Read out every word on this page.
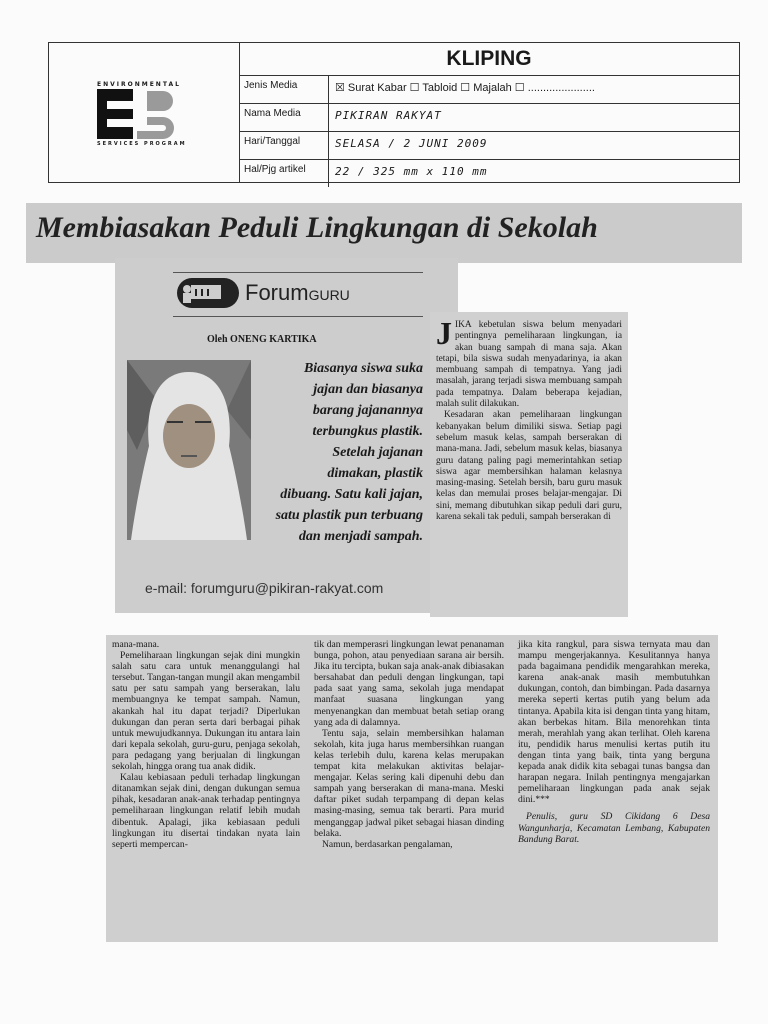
ENVIRONMENTAL
SERVICES PROGRAM
KLIPING
Jenis Media	☒ Surat Kabar ☐ Tabloid ☐ Majalah ☐ ......................
Nama Media	PIKIRAN RAKYAT
Hari/Tanggal	SELASA / 2 JUNI 2009
Hal/Pjg artikel	22 / 325 mm x 110 mm
Membiasakan Peduli Lingkungan di Sekolah
ForumGURU
Oleh ONENG KARTIKA
Biasanya siswa suka jajan dan biasanya barang jajanannya terbungkus plastik. Setelah jajanan dimakan, plastik dibuang. Satu kali jajan, satu plastik pun terbuang dan menjadi sampah.
e-mail: forumguru@pikiran-rakyat.com
J IKA kebetulan siswa belum menyadari pentingnya pemeliharaan lingkungan, ia akan buang sampah di mana saja. Akan tetapi, bila siswa sudah menyadarinya, ia akan membuang sampah di tempatnya. Yang jadi masalah, jarang terjadi siswa membuang sampah pada tempatnya. Dalam beberapa kejadian, malah sulit dilakukan.
Kesadaran akan pemeliharaan lingkungan kebanyakan belum dimiliki siswa. Setiap pagi sebelum masuk kelas, sampah berserakan di mana-mana. Jadi, sebelum masuk kelas, biasanya guru datang paling pagi memerintahkan setiap siswa agar membersihkan halaman kelasnya masing-masing. Setelah bersih, baru guru masuk kelas dan memulai proses belajar-mengajar. Di sini, memang dibutuhkan sikap peduli dari guru, karena sekali tak peduli, sampah berserakan di

mana-mana.

Pemeliharaan lingkungan sejak dini mungkin salah satu cara untuk menanggulangi hal tersebut. Tangan-tangan mungil akan mengambil satu per satu sampah yang berserakan, lalu membuangnya ke tempat sampah. Namun, akankah hal itu dapat terjadi? Diperlukan dukungan dan peran serta dari berbagai pihak untuk mewujudkannya. Dukungan itu antara lain dari kepala sekolah, guru-guru, penjaga sekolah, para pedagang yang berjualan di lingkungan sekolah, hingga orang tua anak didik.

Kalau kebiasaan peduli terhadap lingkungan ditanamkan sejak dini, dengan dukungan semua pihak, kesadaran anak-anak terhadap pentingnya pemeliharaan lingkungan relatif lebih mudah dibentuk. Apalagi, jika kebiasaan peduli lingkungan itu disertai tindakan nyata lain seperti mempercan-

tik dan memperasri lingkungan lewat penanaman bunga, pohon, atau penyediaan sarana air bersih. Jika itu tercipta, bukan saja anak-anak dibiasakan bersahabat dan peduli dengan lingkungan, tapi pada saat yang sama, sekolah juga mendapat manfaat suasana lingkungan yang menyenangkan dan membuat betah setiap orang yang ada di dalamnya.

Tentu saja, selain membersihkan halaman sekolah, kita juga harus membersihkan ruangan kelas terlebih dulu, karena kelas merupakan tempat kita melakukan aktivitas belajar-mengajar. Kelas sering kali dipenuhi debu dan sampah yang berserakan di mana-mana. Meski daftar piket sudah terpampang di depan kelas masing-masing, semua tak berarti. Para murid menganggap jadwal piket sebagai hiasan dinding belaka.

Namun, berdasarkan pengalaman,

jika kita rangkul, para siswa ternyata mau dan mampu mengerjakannya. Kesulitannya hanya pada bagaimana pendidik mengarahkan mereka, karena anak-anak masih membutuhkan dukungan, contoh, dan bimbingan. Pada dasarnya mereka seperti kertas putih yang belum ada tintanya. Apabila kita isi dengan tinta yang hitam, akan berbekas hitam. Bila menorehkan tinta merah, merahlah yang akan terlihat. Oleh karena itu, pendidik harus menulisi kertas putih itu dengan tinta yang baik, tinta yang berguna kepada anak didik kita sebagai tunas bangsa dan harapan negara. Inilah pentingnya mengajarkan pemeliharaan lingkungan pada anak sejak dini.***

Penulis, guru SD Cikidang 6 Desa Wangunharja, Kecamatan Lembang, Kabupaten Bandung Barat.
